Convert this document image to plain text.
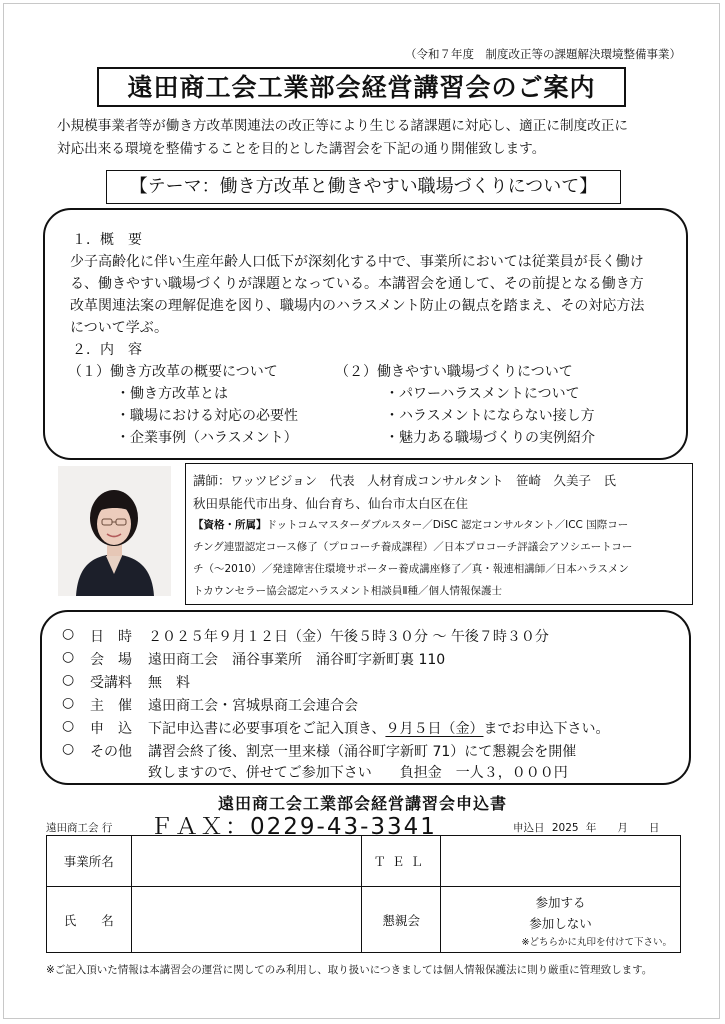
（令和７年度　制度改正等の課題解決環境整備事業）
遠田商工会工業部会経営講習会のご案内
小規模事業者等が働き方改革関連法の改正等により生じる諸課題に対応し、適正に制度改正に
対応出来る環境を整備することを目的とした講習会を下記の通り開催致します。
【テーマ：働き方改革と働きやすい職場づくりについて】
１．概　要
少子高齢化に伴い生産年齢人口低下が深刻化する中で、事業所においては従業員が長く働け
る、働きやすい職場づくりが課題となっている。本講習会を通して、その前提となる働き方
改革関連法案の理解促進を図り、職場内のハラスメント防止の観点を踏まえ、その対応方法
について学ぶ。
２．内　容
（１）働き方改革の概要について
・働き方改革とは
・職場における対応の必要性
・企業事例（ハラスメント）
（２）働きやすい職場づくりについて
・パワーハラスメントについて
・ハラスメントにならない接し方
・魅力ある職場づくりの実例紹介
講師：ワッツビジョン　代表　人材育成コンサルタント　笹崎　久美子　氏
秋田県能代市出身、仙台育ち、仙台市太白区在住
【資格・所属】ドットコムマスターダブルスター／DiSC 認定コンサルタント／ICC 国際コー
チング連盟認定コース修了（プロコーチ養成課程）／日本プロコーチ評議会アソシエートコー
チ（～2010）／発達障害住環境サポーター養成講座修了／真・報連相講師／日本ハラスメン
トカウンセラー協会認定ハラスメント相談員Ⅱ種／個人情報保護士
○ 日　時 ２０２５年９月１２日（金）午後５時３０分 ～ 午後７時３０分
○ 会　場 遠田商工会　涌谷事業所　涌谷町字新町裏 110
○ 受講料 無　料
○ 主　催 遠田商工会・宮城県商工会連合会
○ 申　込 下記申込書に必要事項をご記入頂き、９月５日（金）までお申込下さい。
○ その他 講習会終了後、割烹一里来様（涌谷町字新町 71）にて懇親会を開催
致しますので、併せてご参加下さい　　負担金　一人３，０００円
遠田商工会工業部会経営講習会申込書
遠田商工会 行 ＦＡＸ：0229-43-3341	申込日 2025 年　　月　　日
事業所名		ＴＥＬ	
氏　　名		懇親会	参加する
参加しない
※どちらかに丸印を付けて下さい。
※ご記入頂いた情報は本講習会の運営に関してのみ利用し、取り扱いにつきましては個人情報保護法に則り厳重に管理致します。
